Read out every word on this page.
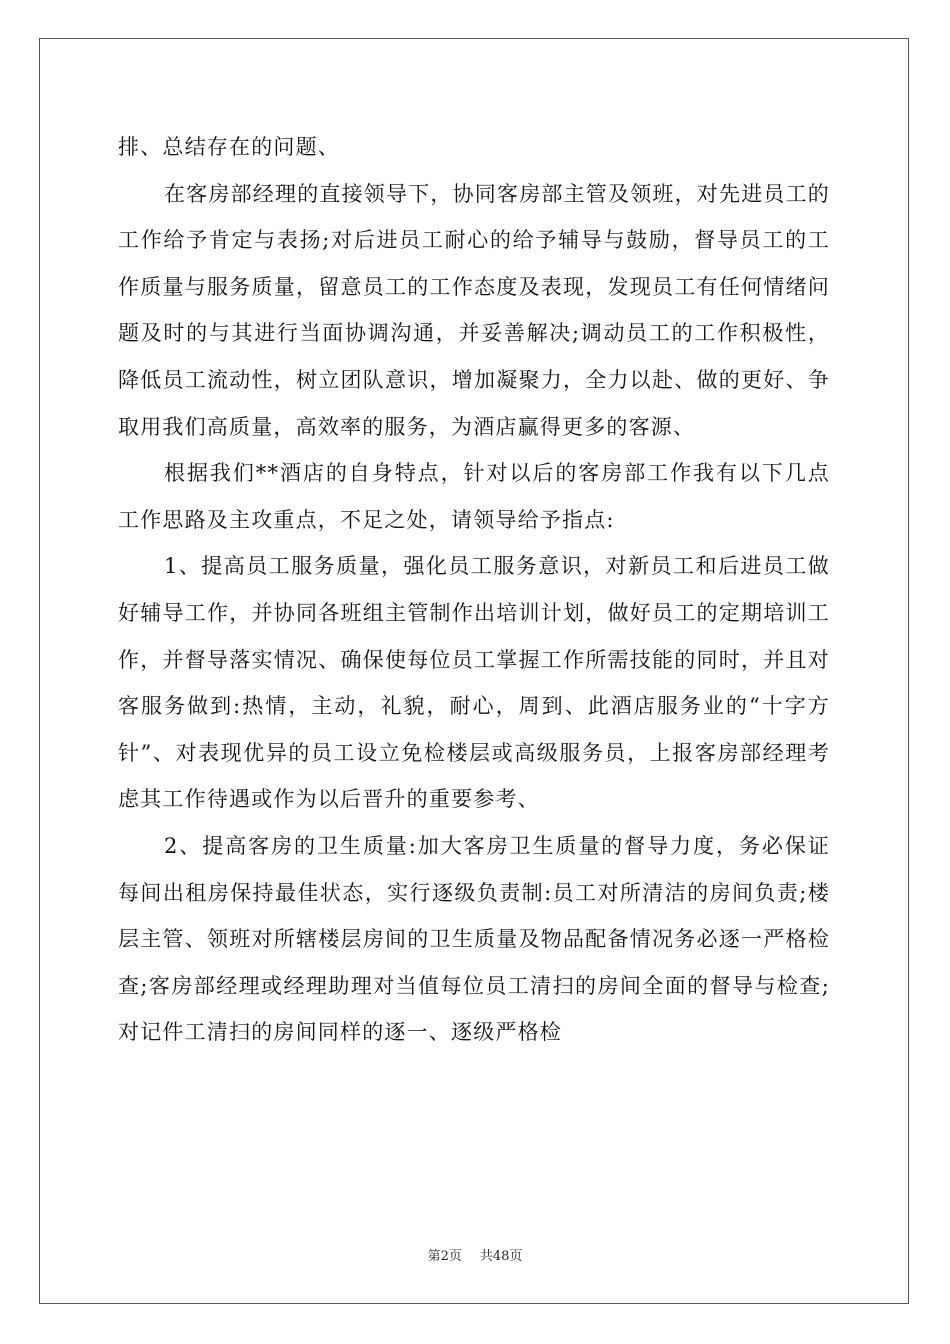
排、总结存在的问题、

在客房部经理的直接领导下，协同客房部主管及领班，对先进员工的工作给予肯定与表扬;对后进员工耐心的给予辅导与鼓励，督导员工的工作质量与服务质量，留意员工的工作态度及表现，发现员工有任何情绪问题及时的与其进行当面协调沟通，并妥善解决;调动员工的工作积极性，降低员工流动性，树立团队意识，增加凝聚力，全力以赴、做的更好、争取用我们高质量，高效率的服务，为酒店赢得更多的客源、

根据我们**酒店的自身特点，针对以后的客房部工作我有以下几点工作思路及主攻重点，不足之处，请领导给予指点:

1、提高员工服务质量，强化员工服务意识，对新员工和后进员工做好辅导工作，并协同各班组主管制作出培训计划，做好员工的定期培训工作，并督导落实情况、确保使每位员工掌握工作所需技能的同时，并且对客服务做到:热情，主动，礼貌，耐心，周到、此酒店服务业的“十字方针”、对表现优异的员工设立免检楼层或高级服务员，上报客房部经理考虑其工作待遇或作为以后晋升的重要参考、

2、提高客房的卫生质量:加大客房卫生质量的督导力度，务必保证每间出租房保持最佳状态，实行逐级负责制:员工对所清洁的房间负责;楼层主管、领班对所辖楼层房间的卫生质量及物品配备情况务必逐一严格检查;客房部经理或经理助理对当值每位员工清扫的房间全面的督导与检查;对记件工清扫的房间同样的逐一、逐级严格检

第2页 共48页
